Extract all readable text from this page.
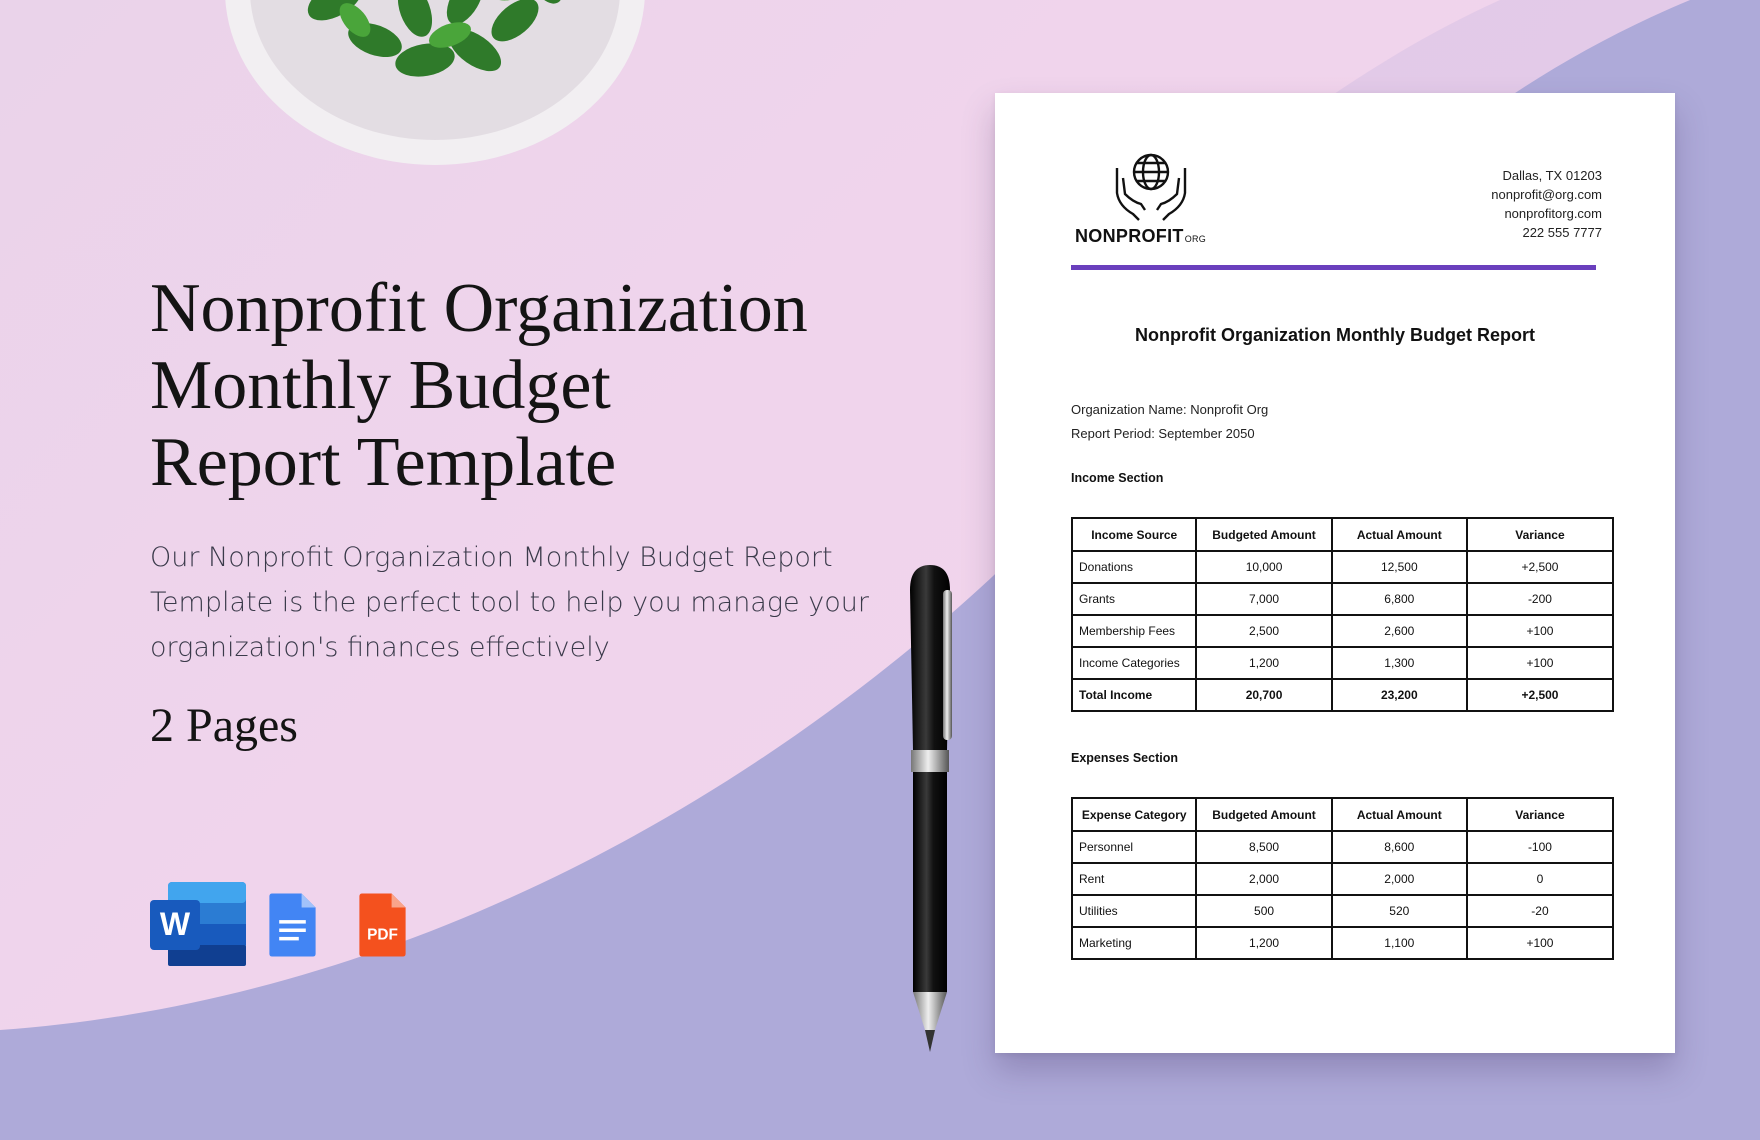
Nonprofit Organization
Monthly Budget
Report Template

Our Nonprofit Organization Monthly Budget Report Template is the perfect tool to help you manage your organization's finances effectively

2 Pages

W	PDF
NONPROFITORG
Dallas, TX 01203
nonprofit@org.com
nonprofitorg.com
222 555 7777
Nonprofit Organization Monthly Budget Report
Organization Name: Nonprofit Org
Report Period: September 2050
Income Section
Income Source	Budgeted Amount	Actual Amount	Variance
Donations	10,000	12,500	+2,500
Grants	7,000	6,800	-200
Membership Fees	2,500	2,600	+100
Income Categories	1,200	1,300	+100
Total Income	20,700	23,200	+2,500
Expenses Section
Expense Category	Budgeted Amount	Actual Amount	Variance
Personnel	8,500	8,600	-100
Rent	2,000	2,000	0
Utilities	500	520	-20
Marketing	1,200	1,100	+100
